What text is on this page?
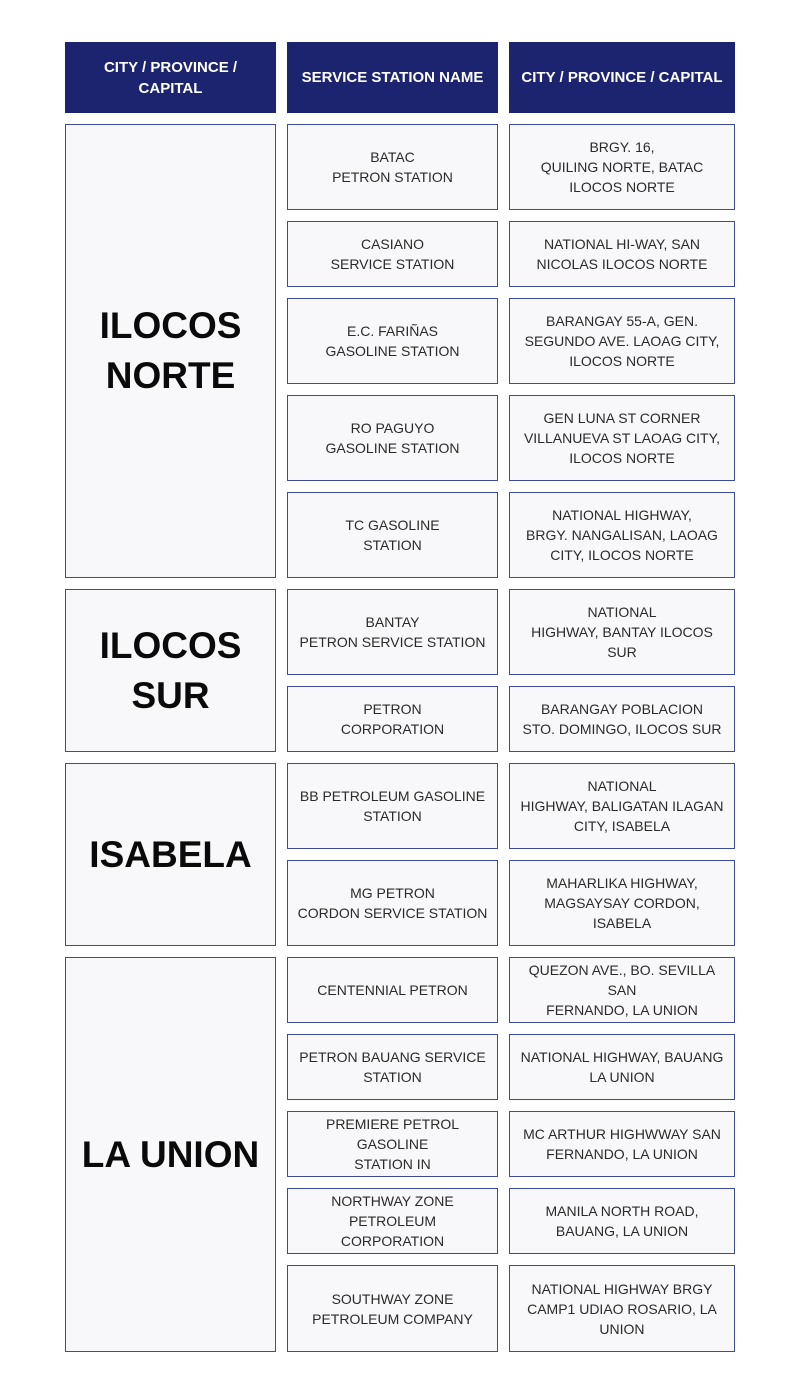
CITY / PROVINCE /
CAPITAL
SERVICE STATION NAME	CITY / PROVINCE / CAPITAL
ILOCOS
NORTE
BATAC
PETRON STATION
BRGY. 16,
QUILING NORTE, BATAC
ILOCOS NORTE
CASIANO
SERVICE STATION
NATIONAL HI-WAY, SAN
NICOLAS ILOCOS NORTE
E.C. FARIÑAS
GASOLINE STATION
BARANGAY 55-A, GEN.
SEGUNDO AVE. LAOAG CITY,
ILOCOS NORTE
RO PAGUYO
GASOLINE STATION
GEN LUNA ST CORNER
VILLANUEVA ST LAOAG CITY,
ILOCOS NORTE
TC GASOLINE
STATION
NATIONAL HIGHWAY,
BRGY. NANGALISAN, LAOAG
CITY, ILOCOS NORTE
ILOCOS
SUR
BANTAY
PETRON SERVICE STATION
NATIONAL
HIGHWAY, BANTAY ILOCOS
SUR
PETRON
CORPORATION
BARANGAY POBLACION
STO. DOMINGO, ILOCOS SUR
ISABELA
BB PETROLEUM GASOLINE
STATION
NATIONAL
HIGHWAY, BALIGATAN ILAGAN
CITY, ISABELA
MG PETRON
CORDON SERVICE STATION
MAHARLIKA HIGHWAY,
MAGSAYSAY CORDON,
ISABELA
LA UNION
CENTENNIAL PETRON
QUEZON AVE., BO. SEVILLA SAN
FERNANDO, LA UNION
PETRON BAUANG SERVICE
STATION
NATIONAL HIGHWAY, BAUANG
LA UNION
PREMIERE PETROL GASOLINE
STATION IN
MC ARTHUR HIGHWWAY SAN
FERNANDO, LA UNION
NORTHWAY ZONE
PETROLEUM CORPORATION
MANILA NORTH ROAD,
BAUANG, LA UNION
SOUTHWAY ZONE
PETROLEUM COMPANY
NATIONAL HIGHWAY BRGY
CAMP1 UDIAO ROSARIO, LA
UNION
